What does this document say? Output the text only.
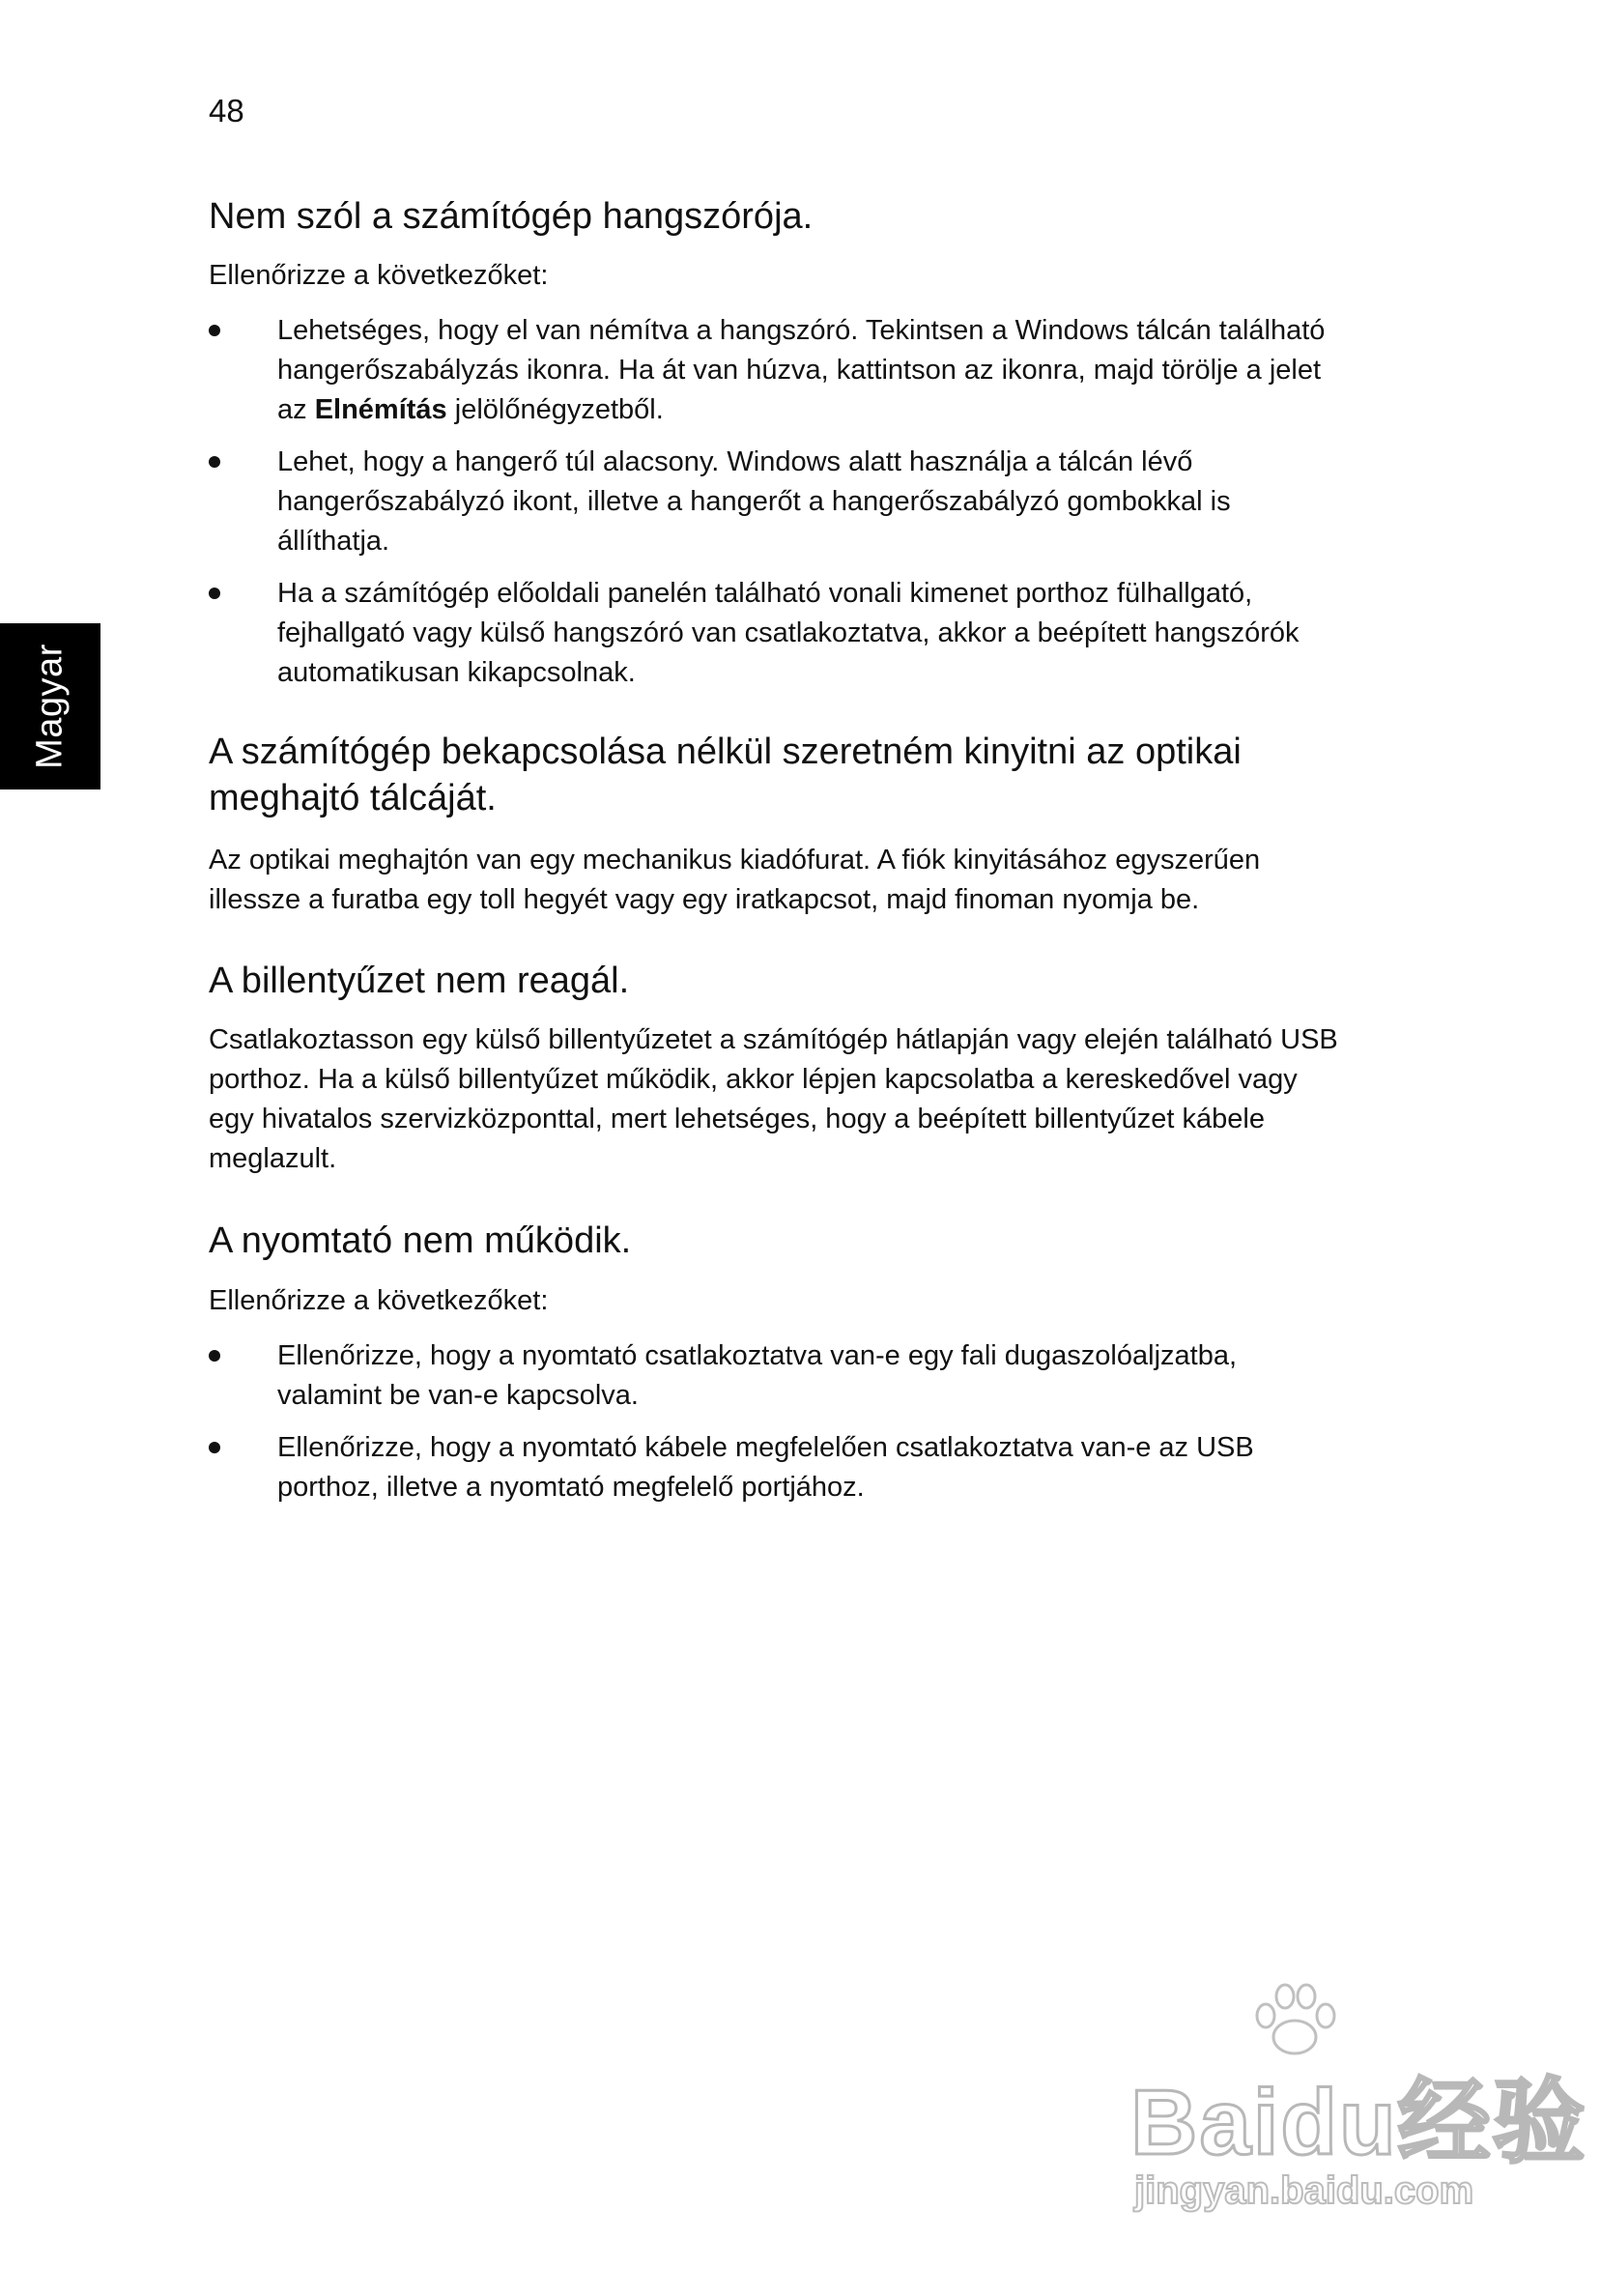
48
Magyar
Nem szól a számítógép hangszórója.

Ellenőrizze a következőket:

Lehetséges, hogy el van némítva a hangszóró. Tekintsen a Windows tálcán található hangerőszabályzás ikonra. Ha át van húzva, kattintson az ikonra, majd törölje a jelet az Elnémítás jelölőnégyzetből.
Lehet, hogy a hangerő túl alacsony. Windows alatt használja a tálcán lévő hangerőszabályzó ikont, illetve a hangerőt a hangerőszabályzó gombokkal is állíthatja.
Ha a számítógép előoldali panelén található vonali kimenet porthoz fülhallgató, fejhallgató vagy külső hangszóró van csatlakoztatva, akkor a beépített hangszórók automatikusan kikapcsolnak.
A számítógép bekapcsolása nélkül szeretném kinyitni az optikai
meghajtó tálcáját.

Az optikai meghajtón van egy mechanikus kiadófurat. A fiók kinyitásához egyszerűen illessze a furatba egy toll hegyét vagy egy iratkapcsot, majd finoman nyomja be.

A billentyűzet nem reagál.

Csatlakoztasson egy külső billentyűzetet a számítógép hátlapján vagy elején található USB porthoz. Ha a külső billentyűzet működik, akkor lépjen kapcsolatba a kereskedővel vagy egy hivatalos szervizközponttal, mert lehetséges, hogy a beépített billentyűzet kábele meglazult.

A nyomtató nem működik.

Ellenőrizze a következőket:

Ellenőrizze, hogy a nyomtató csatlakoztatva van-e egy fali dugaszolóaljzatba, valamint be van-e kapcsolva.
Ellenőrizze, hogy a nyomtató kábele megfelelően csatlakoztatva van-e az USB porthoz, illetve a nyomtató megfelelő portjához.
Baidu经验
jingyan.baidu.com
